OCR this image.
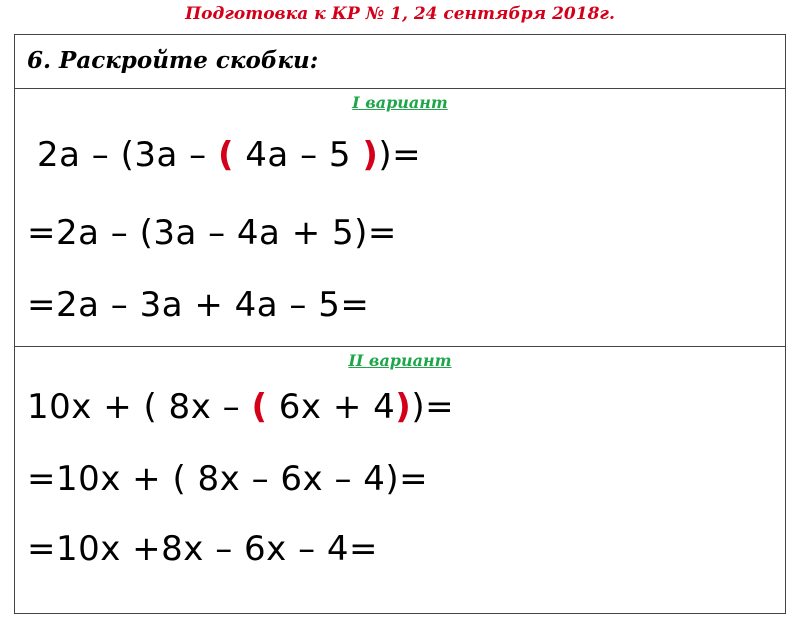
Подготовка к КР № 1, 24 сентября 2018г.
6. Раскройте скобки:
I вариант
2a – (3a – ( 4a – 5 ))=
=2a – (3a – 4a + 5)=
=2a – 3a + 4a – 5=
II вариант
10x + ( 8x – ( 6x + 4))=
=10x + ( 8x – 6x – 4)=
=10x +8x – 6x – 4=
